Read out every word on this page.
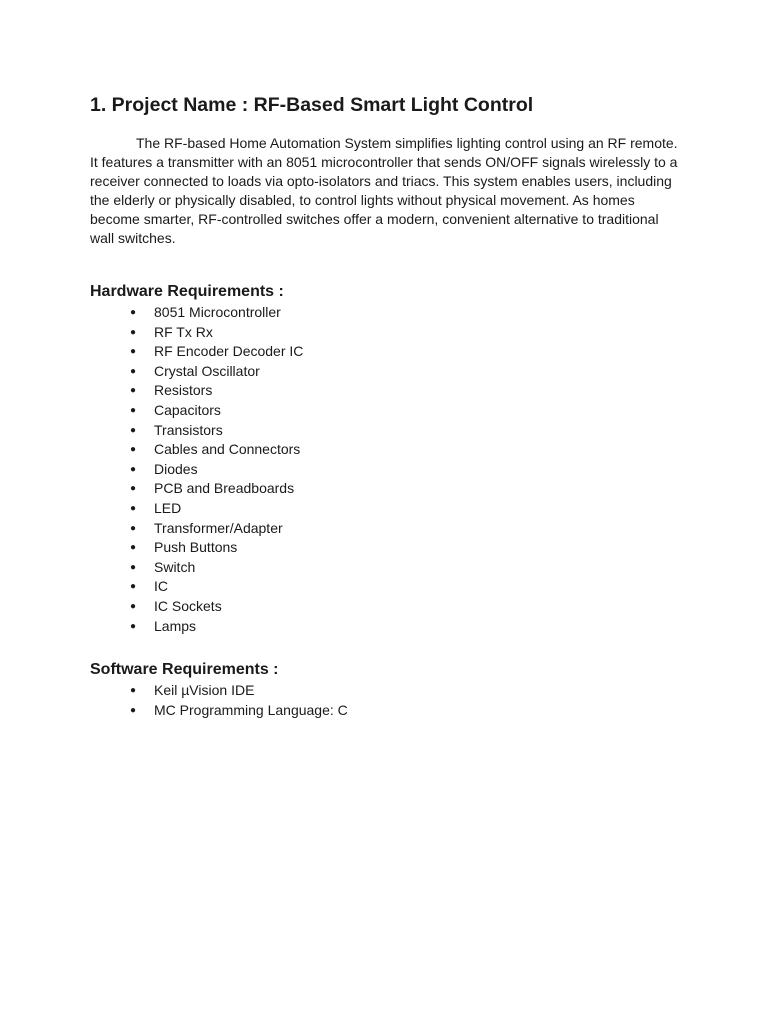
1. Project Name : RF-Based Smart Light Control

The RF-based Home Automation System simplifies lighting control using an RF remote. It features a transmitter with an 8051 microcontroller that sends ON/OFF signals wirelessly to a receiver connected to loads via opto-isolators and triacs. This system enables users, including the elderly or physically disabled, to control lights without physical movement. As homes become smarter, RF-controlled switches offer a modern, convenient alternative to traditional wall switches.

Hardware Requirements :
● 8051 Microcontroller
● RF Tx Rx
● RF Encoder Decoder IC
● Crystal Oscillator
● Resistors
● Capacitors
● Transistors
● Cables and Connectors
● Diodes
● PCB and Breadboards
● LED
● Transformer/Adapter
● Push Buttons
● Switch
● IC
● IC Sockets
● Lamps
Software Requirements :
● Keil µVision IDE
● MC Programming Language: C
